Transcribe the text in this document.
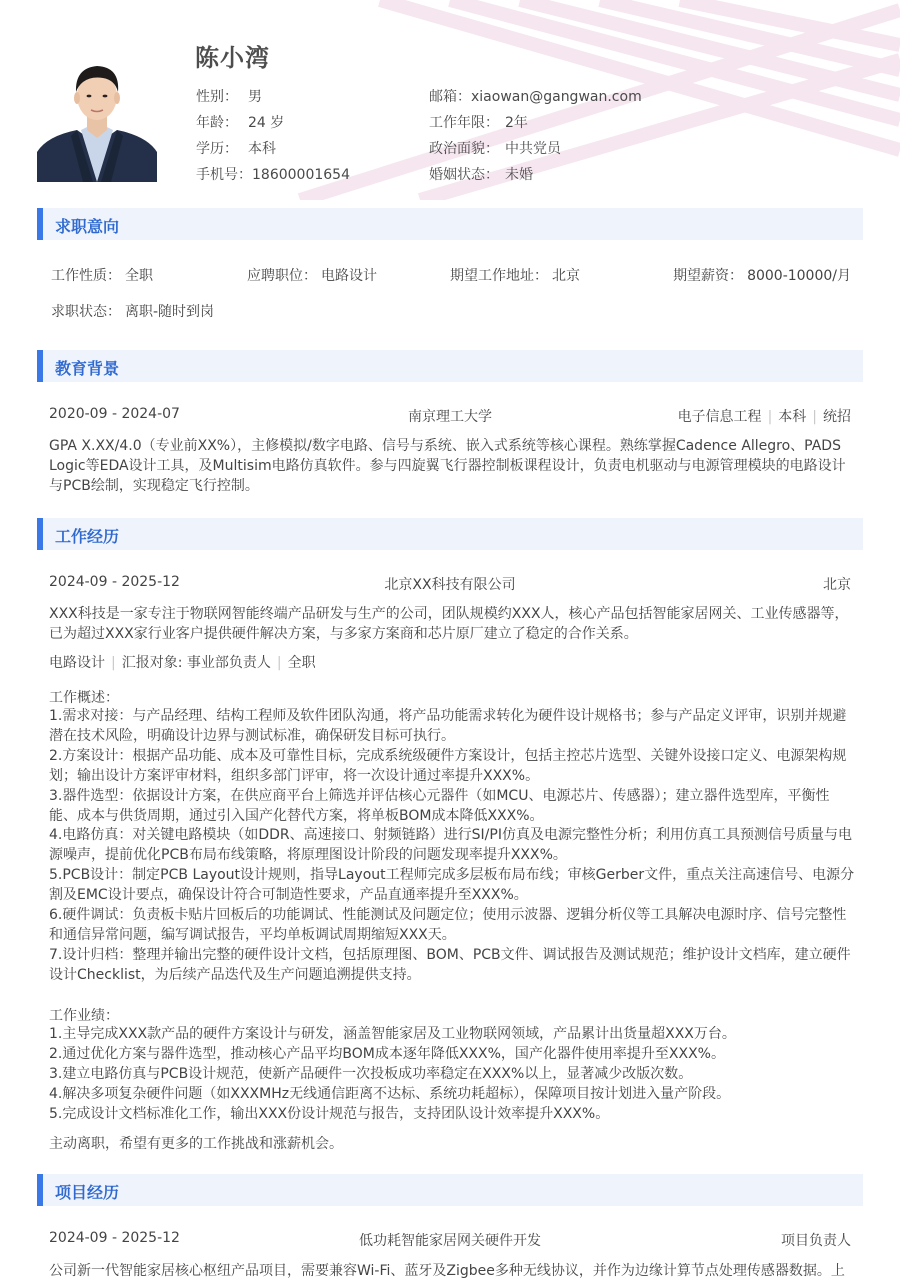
陈小湾
性别： 男
年龄： 24 岁
学历： 本科
手机号：18600001654
邮箱：xiaowan@gangwan.com
工作年限： 2年
政治面貌： 中共党员
婚姻状态： 未婚
求职意向
工作性质： 全职	应聘职位： 电路设计	期望工作地址： 北京	期望薪资： 8000-10000/月
求职状态： 离职-随时到岗
教育背景
2020-09 - 2024-07	南京理工大学	电子信息工程 | 本科 | 统招
GPA X.XX/4.0（专业前XX%），主修模拟/数字电路、信号与系统、嵌入式系统等核心课程。熟练掌握Cadence Allegro、PADS Logic等EDA设计工具，及Multisim电路仿真软件。参与四旋翼飞行器控制板课程设计，负责电机驱动与电源管理模块的电路设计与PCB绘制，实现稳定飞行控制。
工作经历
2024-09 - 2025-12	北京XX科技有限公司	北京
XXX科技是一家专注于物联网智能终端产品研发与生产的公司，团队规模约XXX人，核心产品包括智能家居网关、工业传感器等，已为超过XXX家行业客户提供硬件解决方案，与多家方案商和芯片原厂建立了稳定的合作关系。
电路设计 | 汇报对象: 事业部负责人 | 全职
工作概述：
1.需求对接：与产品经理、结构工程师及软件团队沟通，将产品功能需求转化为硬件设计规格书；参与产品定义评审，识别并规避
潜在技术风险，明确设计边界与测试标准，确保研发目标可执行。
2.方案设计：根据产品功能、成本及可靠性目标，完成系统级硬件方案设计，包括主控芯片选型、关键外设接口定义、电源架构规
划；输出设计方案评审材料，组织多部门评审，将一次设计通过率提升XXX%。
3.器件选型：依据设计方案，在供应商平台上筛选并评估核心元器件（如MCU、电源芯片、传感器）；建立器件选型库，平衡性
能、成本与供货周期，通过引入国产化替代方案，将单板BOM成本降低XXX%。
4.电路仿真：对关键电路模块（如DDR、高速接口、射频链路）进行SI/PI仿真及电源完整性分析；利用仿真工具预测信号质量与电
源噪声，提前优化PCB布局布线策略，将原理图设计阶段的问题发现率提升XXX%。
5.PCB设计：制定PCB Layout设计规则，指导Layout工程师完成多层板布局布线；审核Gerber文件，重点关注高速信号、电源分
割及EMC设计要点，确保设计符合可制造性要求，产品直通率提升至XXX%。
6.硬件调试：负责板卡贴片回板后的功能调试、性能测试及问题定位；使用示波器、逻辑分析仪等工具解决电源时序、信号完整性
和通信异常问题，编写调试报告，平均单板调试周期缩短XXX天。
7.设计归档：整理并输出完整的硬件设计文档，包括原理图、BOM、PCB文件、调试报告及测试规范；维护设计文档库，建立硬件
设计Checklist，为后续产品迭代及生产问题追溯提供支持。
工作业绩：
1.主导完成XXX款产品的硬件方案设计与研发，涵盖智能家居及工业物联网领域，产品累计出货量超XXX万台。
2.通过优化方案与器件选型，推动核心产品平均BOM成本逐年降低XXX%，国产化器件使用率提升至XXX%。
3.建立电路仿真与PCB设计规范，使新产品硬件一次投板成功率稳定在XXX%以上，显著减少改版次数。
4.解决多项复杂硬件问题（如XXXMHz无线通信距离不达标、系统功耗超标），保障项目按计划进入量产阶段。
5.完成设计文档标准化工作，输出XXX份设计规范与报告，支持团队设计效率提升XXX%。
主动离职，希望有更多的工作挑战和涨薪机会。
项目经历
2024-09 - 2025-12	低功耗智能家居网关硬件开发	项目负责人
公司新一代智能家居核心枢纽产品项目，需要兼容Wi-Fi、蓝牙及Zigbee多种无线协议，并作为边缘计算节点处理传感器数据。上
